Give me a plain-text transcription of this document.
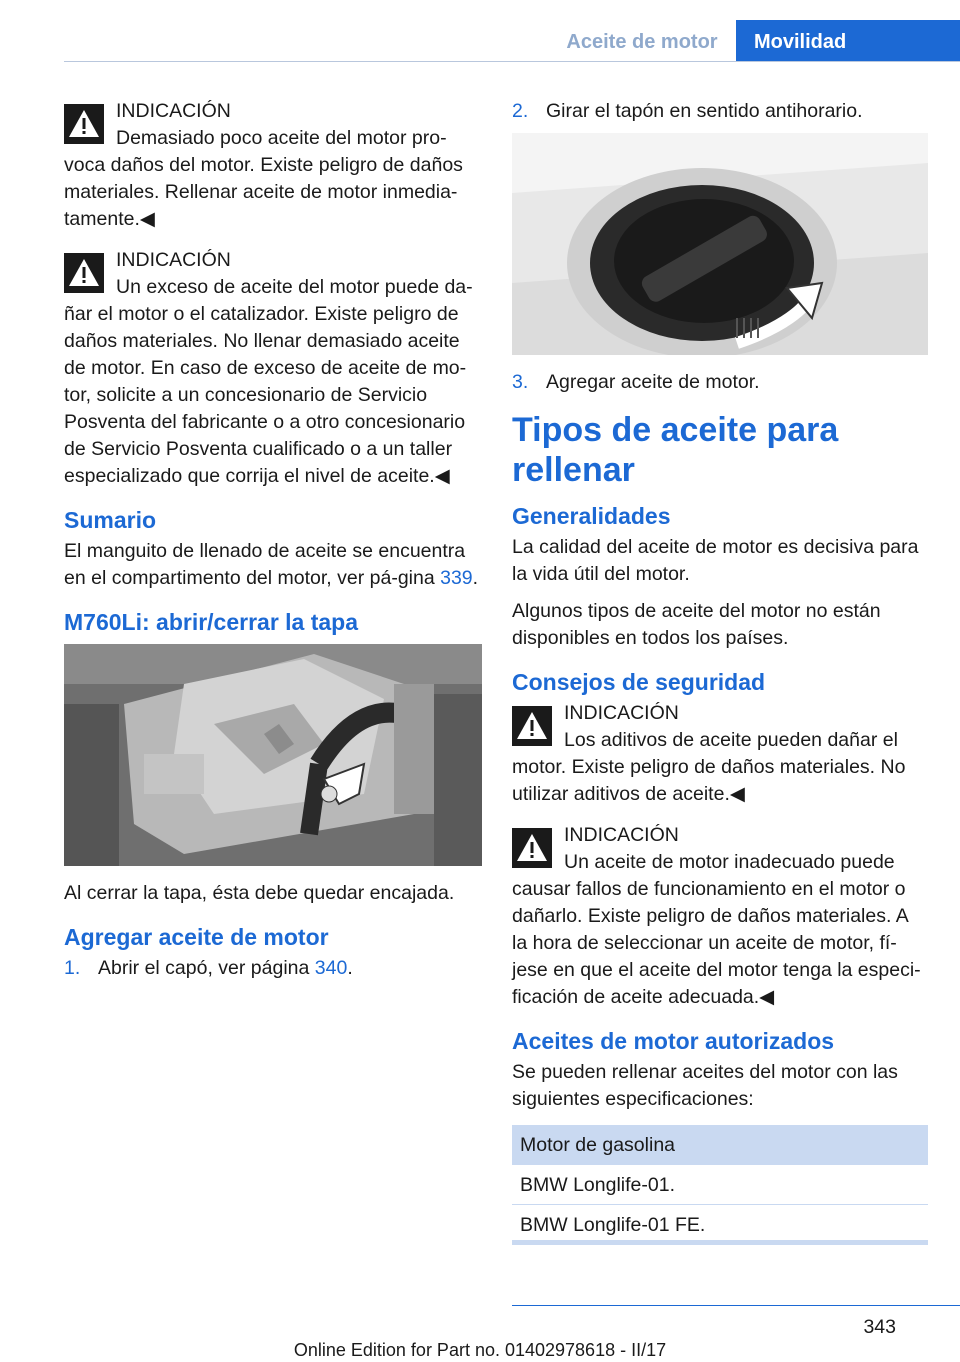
Aceite de motor	Movilidad
INDICACIÓN
Demasiado poco aceite del motor pro-
voca daños del motor. Existe peligro de daños materiales. Rellenar aceite de motor inmedia-tamente.◀
INDICACIÓN
Un exceso de aceite del motor puede da-
ñar el motor o el catalizador. Existe peligro de daños materiales. No llenar demasiado aceite de motor. En caso de exceso de aceite de mo-tor, solicite a un concesionario de Servicio Posventa del fabricante o a otro concesionario de Servicio Posventa cualificado o a un taller especializado que corrija el nivel de aceite.◀
Sumario
El manguito de llenado de aceite se encuentra en el compartimento del motor, ver pá-gina 339.
M760Li: abrir/cerrar la tapa
Al cerrar la tapa, ésta debe quedar encajada.
Agregar aceite de motor
1. Abrir el capó, ver página 340.
2. Girar el tapón en sentido antihorario.
3. Agregar aceite de motor.
Tipos de aceite para rellenar
Generalidades
La calidad del aceite de motor es decisiva para la vida útil del motor.
Algunos tipos de aceite del motor no están disponibles en todos los países.
Consejos de seguridad
INDICACIÓN
Los aditivos de aceite pueden dañar el
motor. Existe peligro de daños materiales. No utilizar aditivos de aceite.◀
INDICACIÓN
Un aceite de motor inadecuado puede
causar fallos de funcionamiento en el motor o dañarlo. Existe peligro de daños materiales. A la hora de seleccionar un aceite de motor, fí-jese en que el aceite del motor tenga la especi-ficación de aceite adecuada.◀
Aceites de motor autorizados
Se pueden rellenar aceites del motor con las siguientes especificaciones:
Motor de gasolina
BMW Longlife-01.
BMW Longlife-01 FE.
343
Online Edition for Part no. 01402978618 - II/17
